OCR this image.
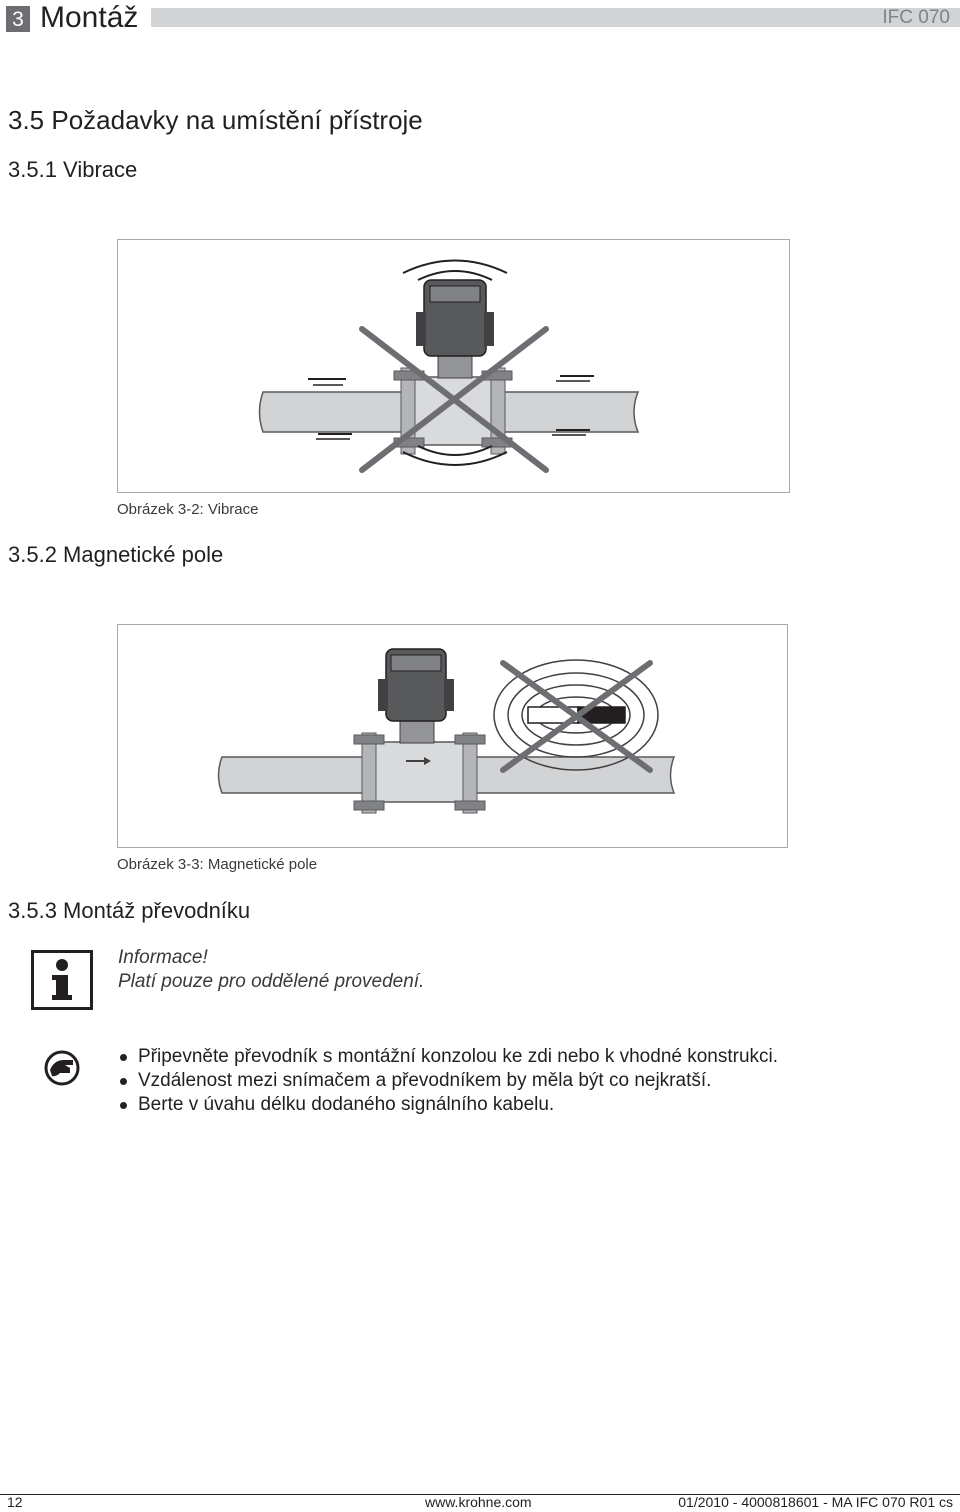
3 Montáž	IFC 070
3.5 Požadavky na umístění přístroje
3.5.1 Vibrace
Obrázek 3-2: Vibrace
3.5.2 Magnetické pole
Obrázek 3-3: Magnetické pole
3.5.3 Montáž převodníku
Informace!
Platí pouze pro oddělené provedení.
Připevněte převodník s montážní konzolou ke zdi nebo k vhodné konstrukci.
Vzdálenost mezi snímačem a převodníkem by měla být co nejkratší.
Berte v úvahu délku dodaného signálního kabelu.
12	www.krohne.com	01/2010 - 4000818601 - MA IFC 070 R01 cs
